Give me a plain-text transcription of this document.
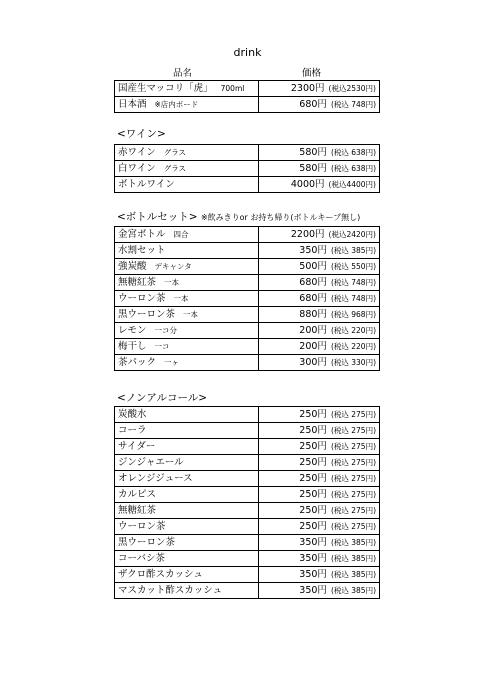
drink
品名	価格
国産生マッコリ「虎」 700ml	2300円 (税込2530円)
日本酒 ※店内ボード	680円 (税込 748円)
<ワイン>
赤ワイン グラス	580円 (税込 638円)
白ワイン グラス	580円 (税込 638円)
ボトルワイン	4000円 (税込4400円)
<ボトルセット> ※飲みきりor お持ち帰り(ボトルキープ無し)
金宮ボトル 四合	2200円 (税込2420円)
水割セット	350円 (税込 385円)
強炭酸 デキャンタ	500円 (税込 550円)
無糖紅茶 一本	680円 (税込 748円)
ウーロン茶 一本	680円 (税込 748円)
黒ウーロン茶 一本	880円 (税込 968円)
レモン 一コ分	200円 (税込 220円)
梅干し 一コ	200円 (税込 220円)
茶パック 一ヶ	300円 (税込 330円)
<ノンアルコール>
炭酸水	250円 (税込 275円)
コーラ	250円 (税込 275円)
サイダー	250円 (税込 275円)
ジンジャエール	250円 (税込 275円)
オレンジジュース	250円 (税込 275円)
カルピス	250円 (税込 275円)
無糖紅茶	250円 (税込 275円)
ウーロン茶	250円 (税込 275円)
黒ウーロン茶	350円 (税込 385円)
コーバシ茶	350円 (税込 385円)
ザクロ酢スカッシュ	350円 (税込 385円)
マスカット酢スカッシュ	350円 (税込 385円)
